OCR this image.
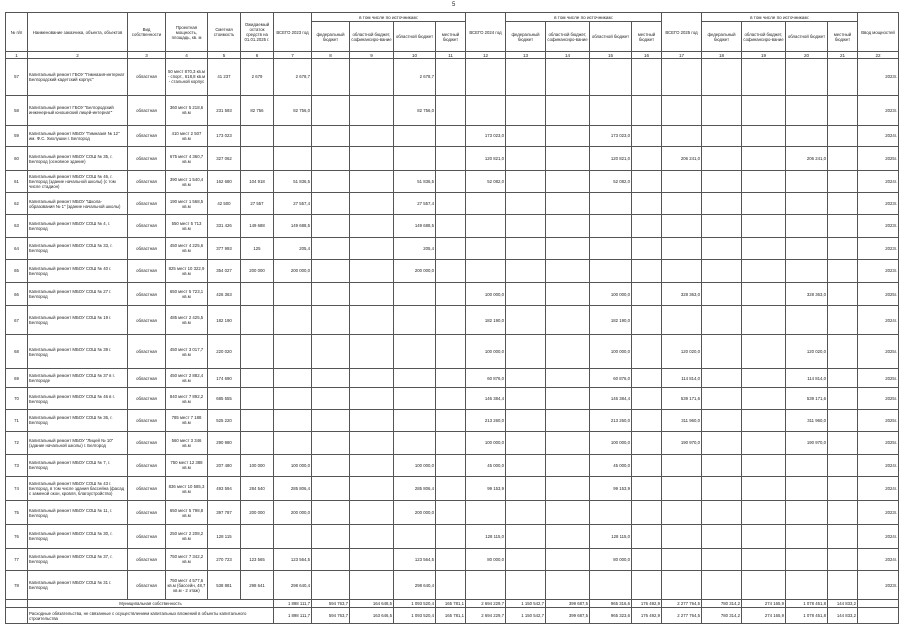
5
№ п/п	Наименование заказчика, объекта, объектов	Вид собственности	Проектная мощность, площадь, кв. м	Сметная стоимость	Ожидаемый остаток средств на 01.01.2025 г.	ВСЕГО 2023 год	в том числе по источникам:				ВСЕГО 2024 год	в том числе по источникам:				ВСЕГО 2025 год	в том числе по источникам:				Ввод мощностей
							федеральный бюджет	областной бюджет, софинансиро-вание	областной бюджет	местный бюджет		федеральный бюджет	областной бюджет, софинансиро-вание	областной бюджет	местный бюджет		федеральный бюджет	областной бюджет, софинансиро-вание	областной бюджет	местный бюджет	
1	2	3	4	5	6	7	8	9	10	11	12	13	14	15	16	17	18	19	20	21	22
57	Капитальный ремонт ГБОУ "Гимназия-интернат Белгородский кадетский корпус"	областная	50 мест 870,3 кв.м - спорт., 618,8 кв.м - стальной корпус	41 237	2 679	2 678,7			2 678,7												2023г.
58	Капитальный ремонт ГБОУ "Белгородский инженерный юношеский лицей-интернат"	областная	360 мест 5 218,6 кв.м	231 593	82 756	82 756,0			82 756,0												2023г.
59	Капитальный ремонт МБОУ "Гимназия № 12" им. Ф.С. Хихлушки г. Белгород	областная	410 мест 2 507 кв.м	173 023							173 023,0			173 023,0							2024г.
60	Капитальный ремонт МБОУ СОШ № 35, г. Белгород (основное здание)	областная	675 мест 4 360,7 кв.м	327 062							120 821,0			120 821,0		206 241,0			206 241,0		2025г.
61	Капитальный ремонт МБОУ СОШ № 46, г. Белгород (здание начальной школы) (с том числе стадион)	областная	390 мест 1 540,4 кв.м	162 680	104 918	51 836,5			51 836,5		52 082,0			52 082,0							2024г.
62	Капитальный ремонт МБОУ "Школа-образования № 1" (здание начальной школы)	областная	190 мест 1 568,5 кв.м	42 500	27 557	27 557,4			27 557,4												2023г.
63	Капитальный ремонт МБОУ СОШ № 4, г. Белгород	областная	550 мест 5 713 кв.м	331 426	149 688	149 688,5			149 688,5												2023г.
64	Капитальный ремонт МБОУ СОШ № 33, г. Белгород	областная	450 мест 4 225,6 кв.м	377 993	125	205,4			205,4												2023г.
65	Капитальный ремонт МБОУ СОШ № 40 г. Белгород	областная	825 мест 10 322,9 кв.м	354 027	200 000	200 000,0			200 000,0												2023г.
66	Капитальный ремонт МБОУ СОШ № 27 г. Белгород	областная	650 мест 5 723,1 кв.м	426 363							100 000,0			100 000,0		328 363,0			328 363,0		2025г.
67	Капитальный ремонт МБОУ СОШ № 19 г. Белгород	областная	485 мест 2 425,5 кв.м	182 190							182 190,0			182 190,0							2024г.
68	Капитальный ремонт МБОУ СОШ № 39 г. Белгород	областная	450 мест 3 017,7 кв.м	220 020							100 000,0			100 000,0		120 020,0			120 020,0		2025г.
69	Капитальный ремонт МБОУ СОШ № 37 в г. Белгороде	областная	450 мест 2 882,4 кв.м	174 690							60 876,0			60 876,0		114 814,0			114 814,0		2025г.
70	Капитальный ремонт МБОУ СОШ № 46 в г. Белгород	областная	840 мест 7 892,2 кв.м	685 555							146 384,4			146 384,4		539 171,6			539 171,6		2025г.
71	Капитальный ремонт МБОУ СОШ № 36, г. Белгород	областная	785 мест 7 188 кв.м	525 220							213 260,0			213 260,0		311 960,0			311 960,0		2025г.
72	Капитальный ремонт МБОУ "Лицей № 10" (здание начальной школы) г. Белгород	областная	560 мест 3 346 кв.м	290 980							100 000,0			100 000,0		190 970,0			190 970,0		2025г.
73	Капитальный ремонт МБОУ СОШ № 7, г. Белгород	областная	750 мест 12 388 кв.м	207 480	100 000	100 000,0			100 000,0		45 000,0			45 000,0							2024г.
74	Капитальный ремонт МБОУ СОШ № 43 г. Белгород, в том числе здания бассейна (фасад с заменой окон, кровля, благоустройство)	областная	836 мест 10 585,3 кв.м	493 594	284 540	285 806,4			285 806,4		99 153,9			99 153,9							2024г.
75	Капитальный ремонт МБОУ СОШ № 11, г. Белгород	областная	650 мест 5 798,8 кв.м	397 787	200 000	200 000,0			200 000,0												2023г.
76	Капитальный ремонт МБОУ СОШ № 30, г. Белгород	областная	250 мест 2 208,2 кв.м	128 115							128 115,0			128 115,0							2024г.
77	Капитальный ремонт МБОУ СОШ № 37, г. Белгород	областная	750 мест 7 342,2 кв.м	270 723	123 565	123 564,5			123 564,5		80 000,0			80 000,0							2024г.
78	Капитальный ремонт МБОУ СОШ № 31 г. Белгород	областная	750 мест 4 577,6 кв.м (бассейн, 48,7 кв.м - 2 этаж)	538 881	298 641	298 640,4			298 640,4												2023г.
	Муниципальная собственность					1 898 111,7	594 763,7	164 648,5	1 093 520,4	165 781,1	2 694 229,7	1 150 542,7	399 687,5	965 316,6	176 492,9	2 277 764,5	780 314,2	274 165,9	1 078 451,8	144 833,2	
	Расходные обязательства, не связанные с осуществлением капитальных вложений в объекты капитального строительства					1 898 111,7	594 763,7	163 646,5	1 093 520,4	165 781,1	2 694 229,7	1 150 542,7	399 687,5	965 323,6	176 492,9	2 277 764,5	780 314,2	274 165,9	1 078 451,8	144 833,2	
